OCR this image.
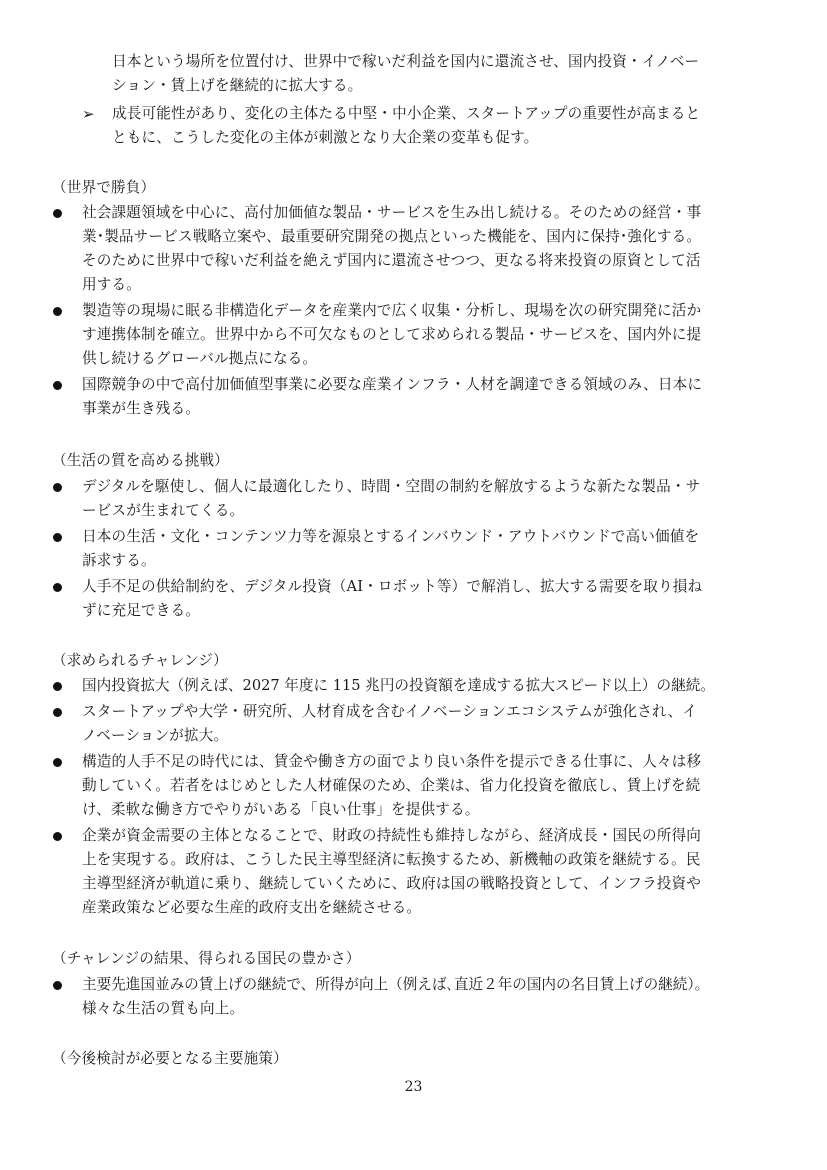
日本という場所を位置付け、世界中で稼いだ利益を国内に還流させ、国内投資・イノベー
ション・賃上げを継続的に拡大する。
➢ 成長可能性があり、変化の主体たる中堅・中小企業、スタートアップの重要性が高まると
ともに、こうした変化の主体が刺激となり大企業の変革も促す。
（世界で勝負）
社会課題領域を中心に、高付加価値な製品・サービスを生み出し続ける。そのための経営・事
業･製品サービス戦略立案や、最重要研究開発の拠点といった機能を、国内に保持･強化する。
そのために世界中で稼いだ利益を絶えず国内に還流させつつ、更なる将来投資の原資として活
用する。
製造等の現場に眠る非構造化データを産業内で広く収集・分析し、現場を次の研究開発に活か
す連携体制を確立。世界中から不可欠なものとして求められる製品・サービスを、国内外に提
供し続けるグローバル拠点になる。
国際競争の中で高付加価値型事業に必要な産業インフラ・人材を調達できる領域のみ、日本に
事業が生き残る。
（生活の質を高める挑戦）
デジタルを駆使し、個人に最適化したり、時間・空間の制約を解放するような新たな製品・サ
ービスが生まれてくる。
日本の生活・文化・コンテンツ力等を源泉とするインバウンド・アウトバウンドで高い価値を
訴求する。
人手不足の供給制約を、デジタル投資（AI・ロボット等）で解消し、拡大する需要を取り損ね
ずに充足できる。
（求められるチャレンジ）
国内投資拡大（例えば、2027 年度に 115 兆円の投資額を達成する拡大スピード以上）の継続。
スタートアップや大学・研究所、人材育成を含むイノベーションエコシステムが強化され、イ
ノベーションが拡大。
構造的人手不足の時代には、賃金や働き方の面でより良い条件を提示できる仕事に、人々は移
動していく。若者をはじめとした人材確保のため、企業は、省力化投資を徹底し、賃上げを続
け、柔軟な働き方でやりがいある「良い仕事」を提供する。
企業が資金需要の主体となることで、財政の持続性も維持しながら、経済成長・国民の所得向
上を実現する。政府は、こうした民主導型経済に転換するため、新機軸の政策を継続する。民
主導型経済が軌道に乗り、継続していくために、政府は国の戦略投資として、インフラ投資や
産業政策など必要な生産的政府支出を継続させる。
（チャレンジの結果、得られる国民の豊かさ）
主要先進国並みの賃上げの継続で、所得が向上（例えば､直近２年の国内の名目賃上げの継続）。
様々な生活の質も向上。
（今後検討が必要となる主要施策）
23
